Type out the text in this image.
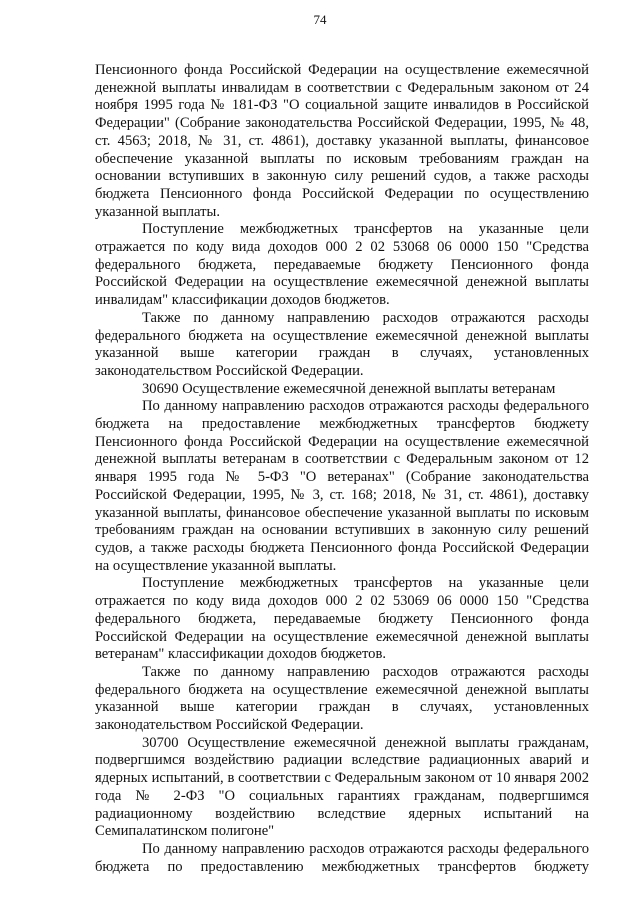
74

Пенсионного фонда Российской Федерации на осуществление ежемесячной денежной выплаты инвалидам в соответствии с Федеральным законом от 24 ноября 1995 года № 181-ФЗ "О социальной защите инвалидов в Российской Федерации" (Собрание законодательства Российской Федерации, 1995, № 48, ст. 4563; 2018, № 31, ст. 4861), доставку указанной выплаты, финансовое обеспечение указанной выплаты по исковым требованиям граждан на основании вступивших в законную силу решений судов, а также расходы бюджета Пенсионного фонда Российской Федерации по осуществлению указанной выплаты.

Поступление межбюджетных трансфертов на указанные цели отражается по коду вида доходов 000 2 02 53068 06 0000 150 "Средства федерального бюджета, передаваемые бюджету Пенсионного фонда Российской Федерации на осуществление ежемесячной денежной выплаты инвалидам" классификации доходов бюджетов.

Также по данному направлению расходов отражаются расходы федерального бюджета на осуществление ежемесячной денежной выплаты указанной выше категории граждан в случаях, установленных законодательством Российской Федерации.

30690 Осуществление ежемесячной денежной выплаты ветеранам

По данному направлению расходов отражаются расходы федерального бюджета на предоставление межбюджетных трансфертов бюджету Пенсионного фонда Российской Федерации на осуществление ежемесячной денежной выплаты ветеранам в соответствии с Федеральным законом от 12 января 1995 года № 5-ФЗ "О ветеранах" (Собрание законодательства Российской Федерации, 1995, № 3, ст. 168; 2018, № 31, ст. 4861), доставку указанной выплаты, финансовое обеспечение указанной выплаты по исковым требованиям граждан на основании вступивших в законную силу решений судов, а также расходы бюджета Пенсионного фонда Российской Федерации на осуществление указанной выплаты.

Поступление межбюджетных трансфертов на указанные цели отражается по коду вида доходов 000 2 02 53069 06 0000 150 "Средства федерального бюджета, передаваемые бюджету Пенсионного фонда Российской Федерации на осуществление ежемесячной денежной выплаты ветеранам" классификации доходов бюджетов.

Также по данному направлению расходов отражаются расходы федерального бюджета на осуществление ежемесячной денежной выплаты указанной выше категории граждан в случаях, установленных законодательством Российской Федерации.

30700 Осуществление ежемесячной денежной выплаты гражданам, подвергшимся воздействию радиации вследствие радиационных аварий и ядерных испытаний, в соответствии с Федеральным законом от 10 января 2002 года № 2-ФЗ "О социальных гарантиях гражданам, подвергшимся радиационному воздействию вследствие ядерных испытаний на Семипалатинском полигоне"

По данному направлению расходов отражаются расходы федерального бюджета по предоставлению межбюджетных трансфертов бюджету
